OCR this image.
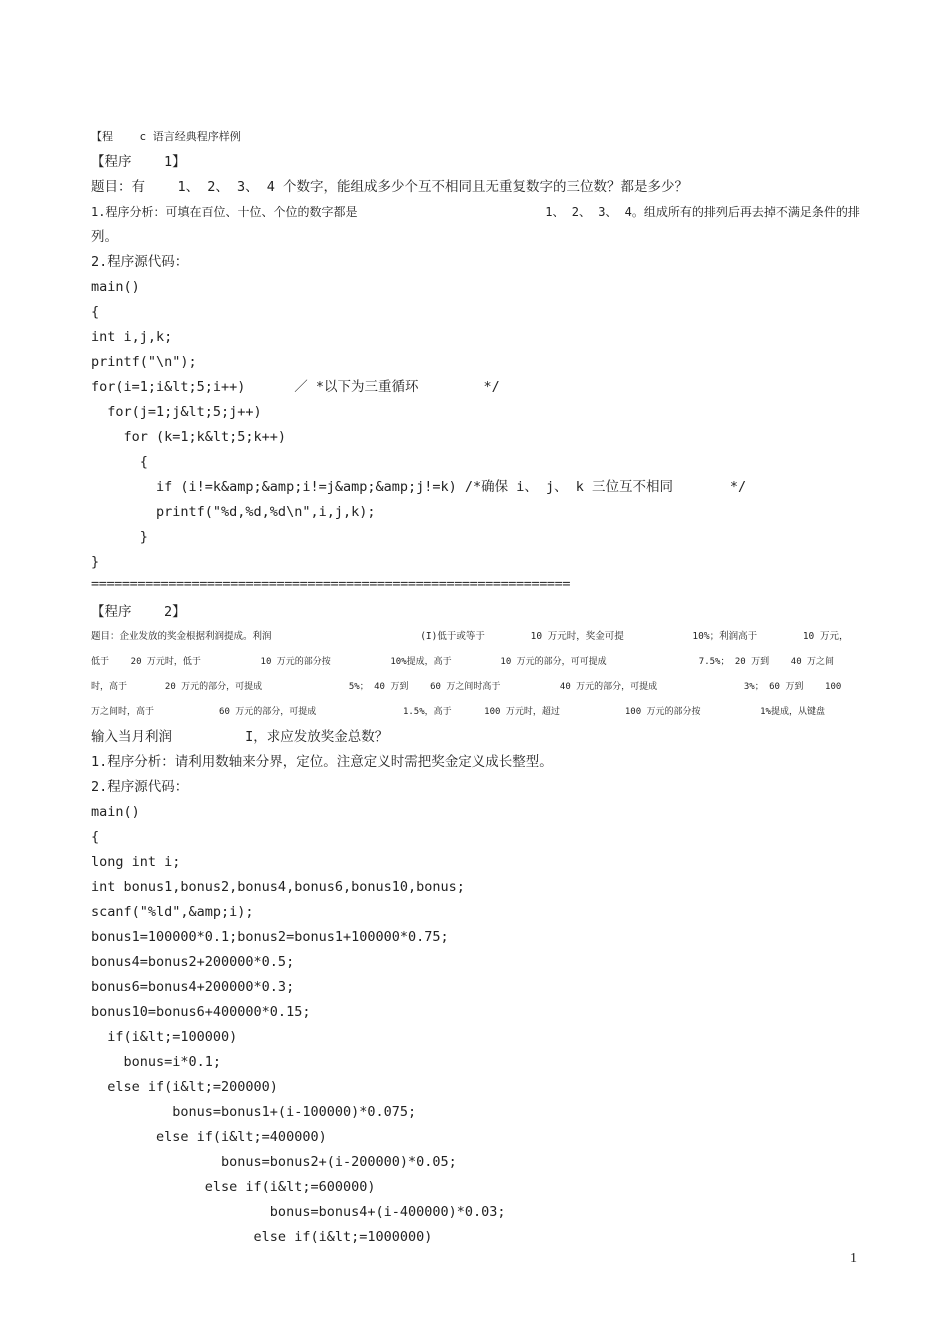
【程    c 语言经典程序样例
【程序    1】
题目：有    1、 2、 3、 4 个数字，能组成多少个互不相同且无重复数字的三位数？都是多少？
1.程序分析：可填在百位、十位、个位的数字都是                          1、 2、 3、 4。组成所有的排列后再去掉不满足条件的排
列。
2.程序源代码：
main()
{
int i,j,k;
printf("\n");
for(i=1;i&lt;5;i++)      ／ *以下为三重循环        */
for(j=1;j&lt;5;j++)
for (k=1;k&lt;5;k++)
{
if (i!=k&amp;&amp;i!=j&amp;&amp;j!=k) /*确保 i、 j、 k 三位互不相同       */
printf("%d,%d,%d\n",i,j,k);
}
}
==============================================================
【程序    2】
题目：企业发放的奖金根据利润提成。利润                          (I)低于或等于        10 万元时，奖金可提            10%；利润高于        10 万元，
低于    20 万元时，低于           10 万元的部分按           10%提成，高于         10 万元的部分，可可提成                 7.5%； 20 万到    40 万之间
时，高于       20 万元的部分，可提成                5%； 40 万到    60 万之间时高于           40 万元的部分，可提成                3%； 60 万到    100
万之间时，高于            60 万元的部分，可提成                1.5%，高于      100 万元时，超过            100 万元的部分按           1%提成，从键盘
输入当月利润         I，求应发放奖金总数？
1.程序分析：请利用数轴来分界，定位。注意定义时需把奖金定义成长整型。
2.程序源代码：
main()
{
long int i;
int bonus1,bonus2,bonus4,bonus6,bonus10,bonus;
scanf("%ld",&amp;i);
bonus1=100000*0.1;bonus2=bonus1+100000*0.75;
bonus4=bonus2+200000*0.5;
bonus6=bonus4+200000*0.3;
bonus10=bonus6+400000*0.15;
if(i&lt;=100000)
bonus=i*0.1;
else if(i&lt;=200000)
bonus=bonus1+(i-100000)*0.075;
else if(i&lt;=400000)
bonus=bonus2+(i-200000)*0.05;
else if(i&lt;=600000)
bonus=bonus4+(i-400000)*0.03;
else if(i&lt;=1000000)
1
